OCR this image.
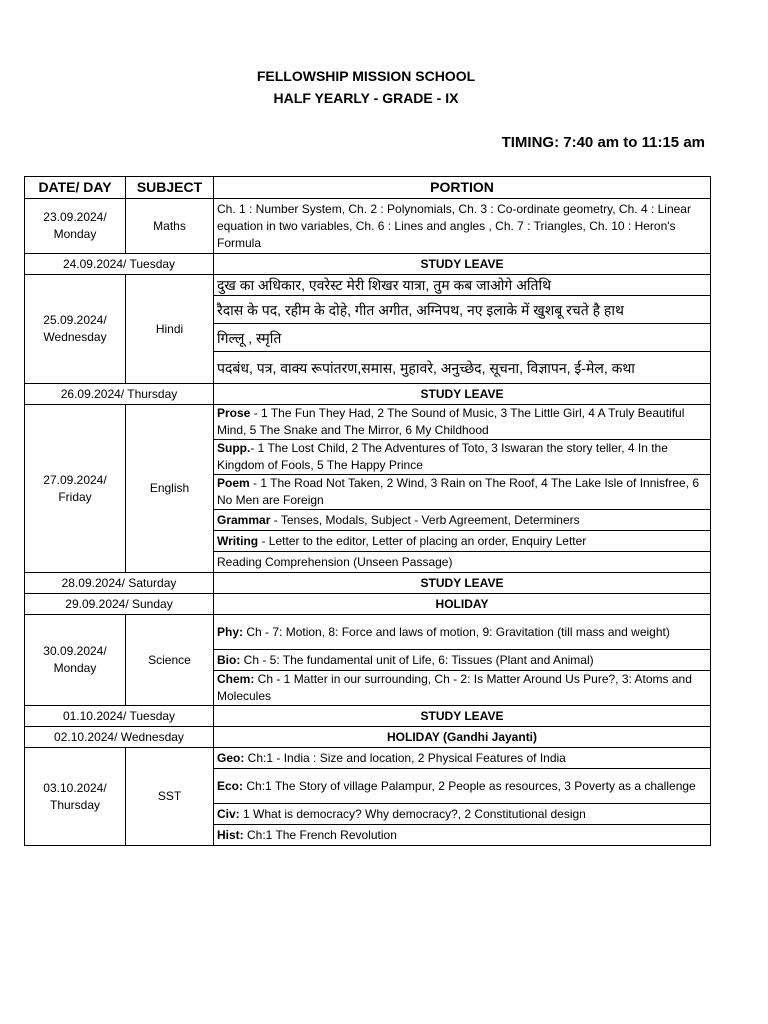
FELLOWSHIP MISSION SCHOOL
HALF YEARLY - GRADE - IX
TIMING: 7:40 am to 11:15 am
DATE/ DAY	SUBJECT	PORTION

23.09.2024/
Monday	Maths	Ch. 1 : Number System, Ch. 2 : Polynomials, Ch. 3 : Co-ordinate geometry, Ch. 4 : Linear equation in two variables, Ch. 6 : Lines and angles , Ch. 7 : Triangles, Ch. 10 : Heron's Formula
24.09.2024/ Tuesday		STUDY LEAVE

25.09.2024/
Wednesday	Hindi	दुख का अधिकार, एवरेस्ट मेरी शिखर यात्रा, तुम कब जाओगे अतिथि
		रैदास के पद, रहीम के दोहे, गीत अगीत, अग्निपथ, नए इलाके में खुशबू रचते है हाथ
		गिल्लू , स्मृति
		पदबंध, पत्र, वाक्य रूपांतरण,समास, मुहावरे, अनुच्छेद, सूचना, विज्ञापन, ई-मेल, कथा
26.09.2024/ Thursday		STUDY LEAVE

27.09.2024/
Friday	English	Prose - 1 The Fun They Had, 2 The Sound of Music, 3 The Little Girl, 4 A Truly Beautiful Mind, 5 The Snake and The Mirror, 6 My Childhood
		Supp.- 1 The Lost Child, 2 The Adventures of Toto, 3 Iswaran the story teller, 4 In the Kingdom of Fools, 5 The Happy Prince
		Poem - 1 The Road Not Taken, 2 Wind, 3 Rain on The Roof, 4 The Lake Isle of Innisfree, 6 No Men are Foreign
		Grammar - Tenses, Modals, Subject - Verb Agreement, Determiners
		Writing - Letter to the editor, Letter of placing an order, Enquiry Letter
		Reading Comprehension (Unseen Passage)
28.09.2024/ Saturday		STUDY LEAVE
29.09.2024/ Sunday		HOLIDAY

30.09.2024/
Monday	Science	Phy: Ch - 7: Motion, 8: Force and laws of motion, 9: Gravitation (till mass and weight)
		Bio: Ch - 5: The fundamental unit of Life, 6: Tissues (Plant and Animal)
		Chem: Ch - 1 Matter in our surrounding, Ch - 2: Is Matter Around Us Pure?, 3: Atoms and Molecules
01.10.2024/ Tuesday		STUDY LEAVE
02.10.2024/ Wednesday		HOLIDAY (Gandhi Jayanti)

03.10.2024/
Thursday	SST	Geo: Ch:1 - India : Size and location, 2 Physical Features of India
		Eco: Ch:1 The Story of village Palampur, 2 People as resources, 3 Poverty as a challenge
		Civ: 1 What is democracy? Why democracy?, 2 Constitutional design
		Hist: Ch:1 The French Revolution
